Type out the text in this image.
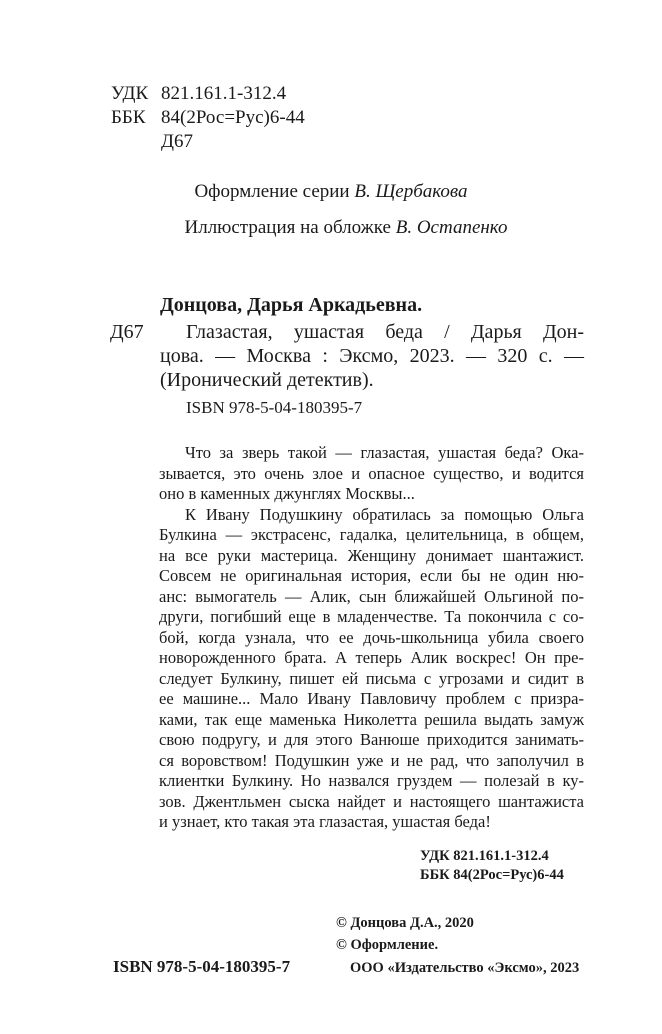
УДК 821.161.1-312.4
ББК 84(2Рос=Рус)6-44
Д67
Оформление серии В. Щербакова
Иллюстрация на обложке В. Остапенко
Донцова, Дарья Аркадьевна.
Д67 Глазастая, ушастая беда / Дарья Дон-
цова. — Москва : Эксмо, 2023. — 320 с. —
(Иронический детектив).
ISBN 978-5-04-180395-7
Что за зверь такой — глазастая, ушастая беда? Ока-
зывается, это очень злое и опасное существо, и водится
оно в каменных джунглях Москвы...
К Ивану Подушкину обратилась за помощью Ольга
Булкина — экстрасенс, гадалка, целительница, в общем,
на все руки мастерица. Женщину донимает шантажист.
Совсем не оригинальная история, если бы не один ню-
анс: вымогатель — Алик, сын ближайшей Ольгиной по-
други, погибший еще в младенчестве. Та покончила с со-
бой, когда узнала, что ее дочь-школьница убила своего
новорожденного брата. А теперь Алик воскрес! Он пре-
следует Булкину, пишет ей письма с угрозами и сидит в
ее машине... Мало Ивану Павловичу проблем с призра-
ками, так еще маменька Николетта решила выдать замуж
свою подругу, и для этого Ванюше приходится занимать-
ся воровством! Подушкин уже и не рад, что заполучил в
клиентки Булкину. Но назвался груздем — полезай в ку-
зов. Джентльмен сыска найдет и настоящего шантажиста
и узнает, кто такая эта глазастая, ушастая беда!
УДК 821.161.1-312.4
ББК 84(2Рос=Рус)6-44
© Донцова Д.А., 2020
© Оформление.
ISBN 978-5-04-180395-7	ООО «Издательство «Эксмо», 2023
